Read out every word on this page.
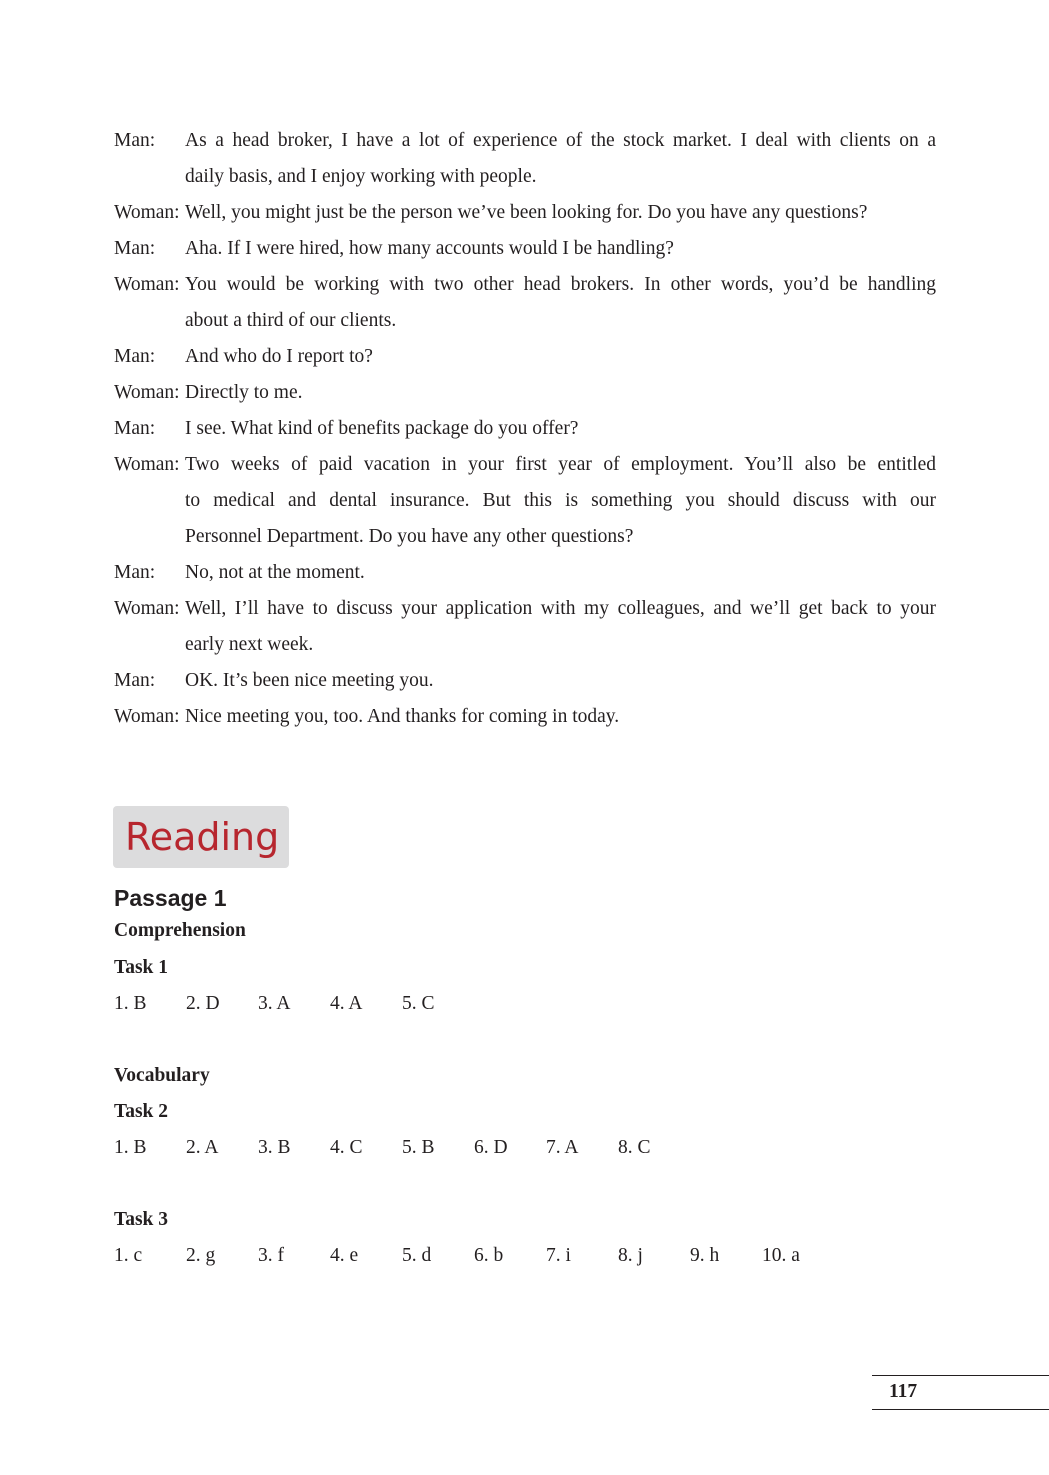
Man:	As a head broker, I have a lot of experience of the stock market. I deal with clients on a
daily basis, and I enjoy working with people.
Woman: Well, you might just be the person we’ve been looking for. Do you have any questions?
Man:	Aha. If I were hired, how many accounts would I be handling?
Woman: You would be working with two other head brokers. In other words, you’d be handling
about a third of our clients.
Man:	And who do I report to?
Woman: Directly to me.
Man:	I see. What kind of benefits package do you offer?
Woman: Two weeks of paid vacation in your first year of employment. You’ll also be entitled
to medical and dental insurance. But this is something you should discuss with our
Personnel Department. Do you have any other questions?
Man:	No, not at the moment.
Woman: Well, I’ll have to discuss your application with my colleagues, and we’ll get back to your
early next week.
Man:	OK. It’s been nice meeting you.
Woman: Nice meeting you, too. And thanks for coming in today.
Reading
Passage 1
Comprehension
Task 1
1. B	2. D	3. A	4. A	5. C
Vocabulary
Task 2
1. B	2. A	3. B	4. C	5. B	6. D	7. A	8. C
Task 3
1. c	2. g	3. f	4. e	5. d	6. b	7. i	8. j	9. h	10. a
117
